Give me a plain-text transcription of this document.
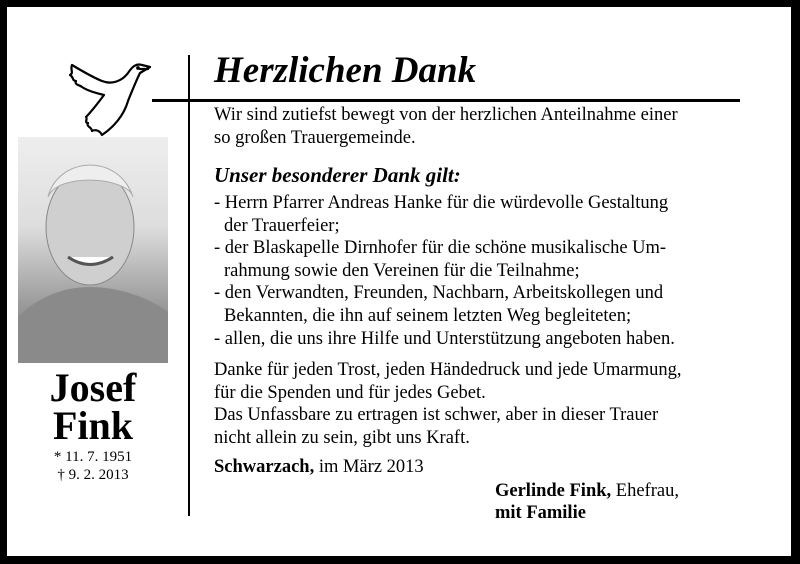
Josef
Fink
* 11. 7. 1951
† 9. 2. 2013
Herzlichen Dank
Wir sind zutiefst bewegt von der herzlichen Anteilnahme einer
so großen Trauergemeinde.
Unser besonderer Dank gilt:
- Herrn Pfarrer Andreas Hanke für die würdevolle Gestaltung
der Trauerfeier;
- der Blaskapelle Dirnhofer für die schöne musikalische Um-
rahmung sowie den Vereinen für die Teilnahme;
- den Verwandten, Freunden, Nachbarn, Arbeitskollegen und
Bekannten, die ihn auf seinem letzten Weg begleiteten;
- allen, die uns ihre Hilfe und Unterstützung angeboten haben.
Danke für jeden Trost, jeden Händedruck und jede Umarmung,
für die Spenden und für jedes Gebet.
Das Unfassbare zu ertragen ist schwer, aber in dieser Trauer
nicht allein zu sein, gibt uns Kraft.
Schwarzach, im März 2013
Gerlinde Fink, Ehefrau,
mit Familie
